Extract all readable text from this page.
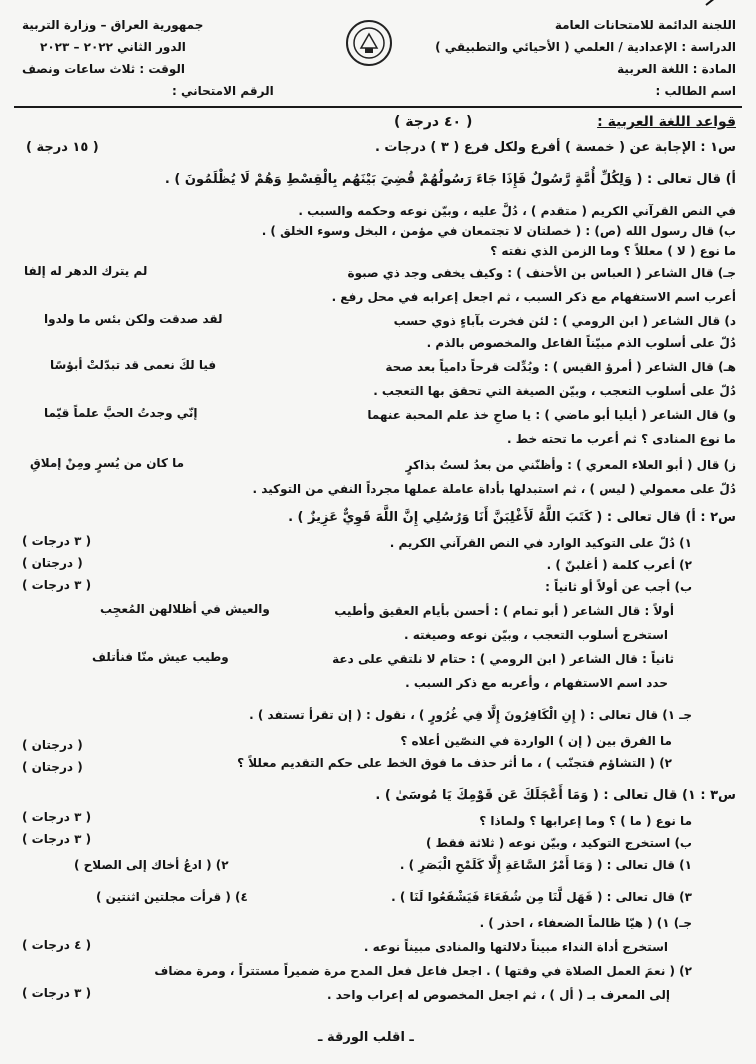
اللجنة الدائمة للامتحانات العامة
الدراسة : الإعدادية / العلمي ( الأحيائي والتطبيقي )
المادة : اللغة العربية
اسم الطالب :
جمهورية العراق – وزارة التربية
الدور الثاني ٢٠٢٢ – ٢٠٢٣
الوقت : ثلاث ساعات ونصف
الرقم الامتحاني :
قواعد اللغة العربية :
( ٤٠ درجة )
س١ : الإجابة عن ( خمسة ) أفرع ولكل فرع ( ٣ ) درجات .
( ١٥ درجة )
أ) قال تعالى : ( وَلِكُلِّ أُمَّةٍ رَّسُولٌ فَإِذَا جَاءَ رَسُولُهُمْ قُضِيَ بَيْنَهُم بِالْقِسْطِ وَهُمْ لَا يُظْلَمُونَ ) .
في النص القرآني الكريم ( متقدم ) ، دُلَّ عليه ، وبيّن نوعه وحكمه والسبب .
ب) قال رسول الله (ص) : ( خصلتان لا تجتمعان في مؤمن ، البخل وسوء الخلق ) .
ما نوع ( لا ) معللاً ؟ وما الزمن الذي نفته ؟
جـ) قال الشاعر ( العباس بن الأحنف ) : وكيف يخفى وجد ذي صبوة
لم يترك الدهر له إلفا
أعرب اسم الاستفهام مع ذكر السبب ، ثم اجعل إعرابه في محل رفع .
د) قال الشاعر ( ابن الرومي ) : لئن فخرت بآباءٍ ذوي حسب
لقد صدقت ولكن بئس ما ولدوا
دُلّ على أسلوب الذم مبيّناً الفاعل والمخصوص بالذم .
هـ) قال الشاعر ( أمرؤ القيس ) : وبُدِّلت قرحاً دامياً بعد صحة
فيا لكَ نعمى قد تبدّلتْ أبؤسًا
دُلّ على أسلوب التعجب ، وبيّن الصيغة التي تحقق بها التعجب .
و) قال الشاعر ( أيليا أبو ماضي ) : يا صاحِ خذ علم المحبة عنهما
إنّي وجدتُ الحبَّ علماً قيّما
ما نوع المنادى ؟ ثم أعرب ما تحته خط .
ز) قال ( أبو العلاء المعري ) : وأظنّني من بعدُ لستُ بذاكرٍ
ما كان من يُسرٍ ومِنْ إملاقِ
دُلّ على معمولي ( ليس ) ، ثم استبدلها بأداة عاملة عملها مجرداً النفي من التوكيد .
س٢ : أ) قال تعالى : ( كَتَبَ اللَّهُ لَأَغْلِبَنَّ أَنَا وَرُسُلِي إِنَّ اللَّهَ قَوِيٌّ عَزِيزٌ ) .
١) دُلّ على التوكيد الوارد في النص القرآني الكريم .
( ٣ درجات )
٢) أعرب كلمة ( أغلبنّ ) .
( درجتان )
ب) أجب عن أولاً أو ثانياً :
( ٣ درجات )
أولاً : قال الشاعر ( أبو تمام ) : أحسن بأيام العقيق وأطيب
والعيش في أظلالهن المُعجِب
استخرج أسلوب التعجب ، وبيّن نوعه وصيغته .
ثانياً : قال الشاعر ( ابن الرومي ) : حتام لا نلتقي على دعة
وطيب عيش منّا فنأتلف
حدد اسم الاستفهام ، وأعربه مع ذكر السبب .
جـ ١) قال تعالى : ( إِنِ الْكَافِرُونَ إِلَّا فِي غُرُورٍ ) ، نقول : ( إن تقرأ تستفد ) .
ما الفرق بين ( إن ) الواردة في النصّين أعلاه ؟
( درجتان )
٢) ( التشاؤم فتجنّب ) ، ما أثر حذف ما فوق الخط على حكم التقديم معللاً ؟
( درجتان )
س٣ : ١) قال تعالى : ( وَمَا أَعْجَلَكَ عَن قَوْمِكَ يَا مُوسَىٰ ) .
ما نوع ( ما ) ؟ وما إعرابها ؟ ولماذا ؟
( ٣ درجات )
ب) استخرج التوكيد ، وبيّن نوعه ( ثلاثة فقط )
( ٣ درجات )
١) قال تعالى : ( وَمَا أَمْرُ السَّاعَةِ إِلَّا كَلَمْحِ الْبَصَرِ ) .
٢) ( ادعُ أخاك إلى الصلاح )
٣) قال تعالى : ( فَهَل لَّنَا مِن شُفَعَاءَ فَيَشْفَعُوا لَنَا ) .
٤) ( قرأت مجلتين اثنتين )
جـ) ١) ( هيّا ظالماً الضعفاء ، احذر ) .
استخرج أداة النداء مبيناً دلالتها والمنادى مبيناً نوعه .
( ٤ درجات )
٢) ( نعمَ العمل الصلاة في وقتها ) . اجعل فاعل فعل المدح مرة ضميراً مستتراً ، ومرة مضاف
إلى المعرف بـ ( أل ) ، ثم اجعل المخصوص له إعراب واحد .
( ٣ درجات )
ـ اقلب الورقة ـ
